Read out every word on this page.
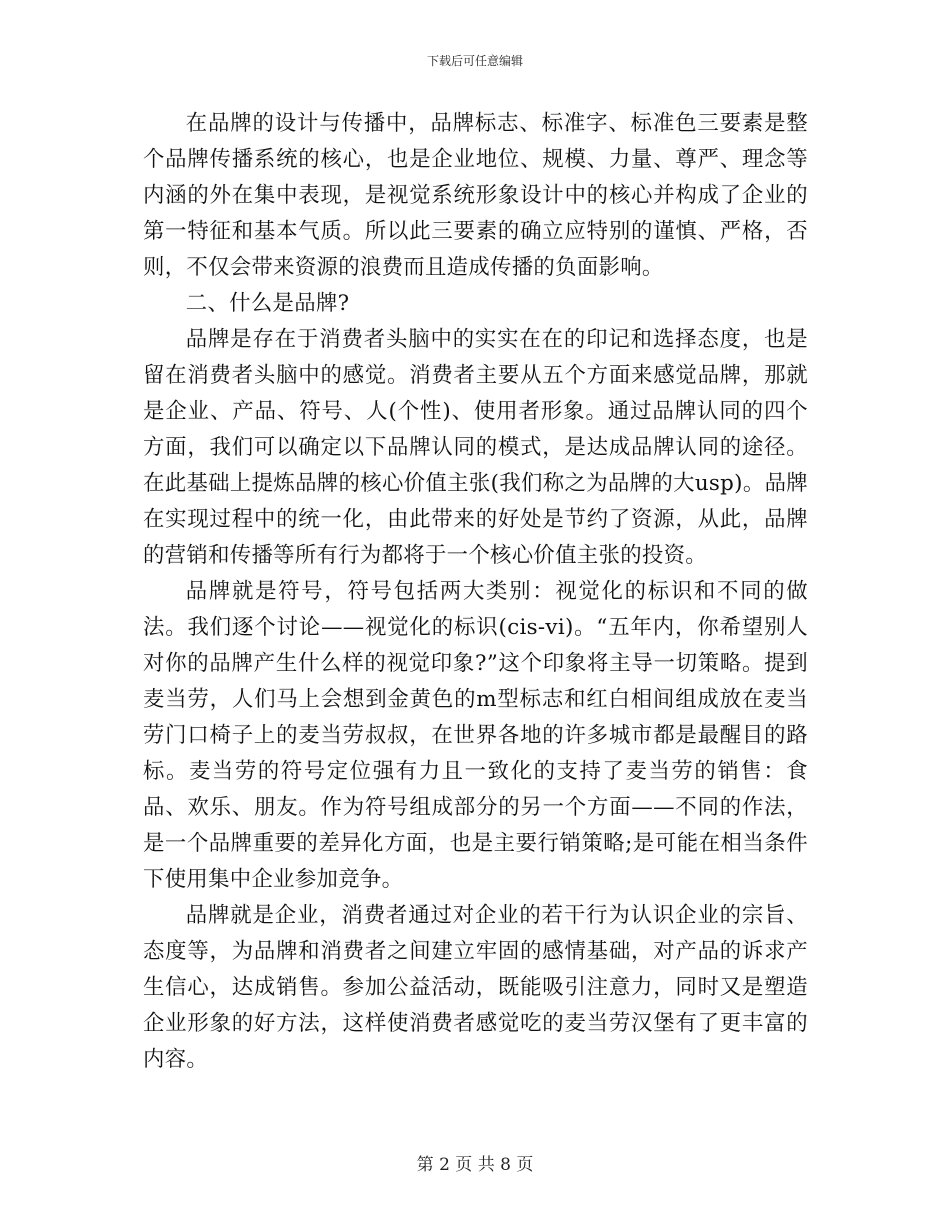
下载后可任意编辑

在品牌的设计与传播中，品牌标志、标准字、标准色三要素是整个品牌传播系统的核心，也是企业地位、规模、力量、尊严、理念等内涵的外在集中表现，是视觉系统形象设计中的核心并构成了企业的第一特征和基本气质。所以此三要素的确立应特别的谨慎、严格，否则，不仅会带来资源的浪费而且造成传播的负面影响。

二、什么是品牌?

品牌是存在于消费者头脑中的实实在在的印记和选择态度，也是留在消费者头脑中的感觉。消费者主要从五个方面来感觉品牌，那就是企业、产品、符号、人(个性)、使用者形象。通过品牌认同的四个方面，我们可以确定以下品牌认同的模式，是达成品牌认同的途径。在此基础上提炼品牌的核心价值主张(我们称之为品牌的大usp)。品牌在实现过程中的统一化，由此带来的好处是节约了资源，从此，品牌的营销和传播等所有行为都将于一个核心价值主张的投资。

品牌就是符号，符号包括两大类别：视觉化的标识和不同的做法。我们逐个讨论——视觉化的标识(cis-vi)。“五年内，你希望别人对你的品牌产生什么样的视觉印象?”这个印象将主导一切策略。提到麦当劳，人们马上会想到金黄色的m型标志和红白相间组成放在麦当劳门口椅子上的麦当劳叔叔，在世界各地的许多城市都是最醒目的路标。麦当劳的符号定位强有力且一致化的支持了麦当劳的销售：食品、欢乐、朋友。作为符号组成部分的另一个方面——不同的作法，是一个品牌重要的差异化方面，也是主要行销策略;是可能在相当条件下使用集中企业参加竞争。

品牌就是企业，消费者通过对企业的若干行为认识企业的宗旨、态度等，为品牌和消费者之间建立牢固的感情基础，对产品的诉求产生信心，达成销售。参加公益活动，既能吸引注意力，同时又是塑造企业形象的好方法，这样使消费者感觉吃的麦当劳汉堡有了更丰富的内容。

第 2 页 共 8 页
